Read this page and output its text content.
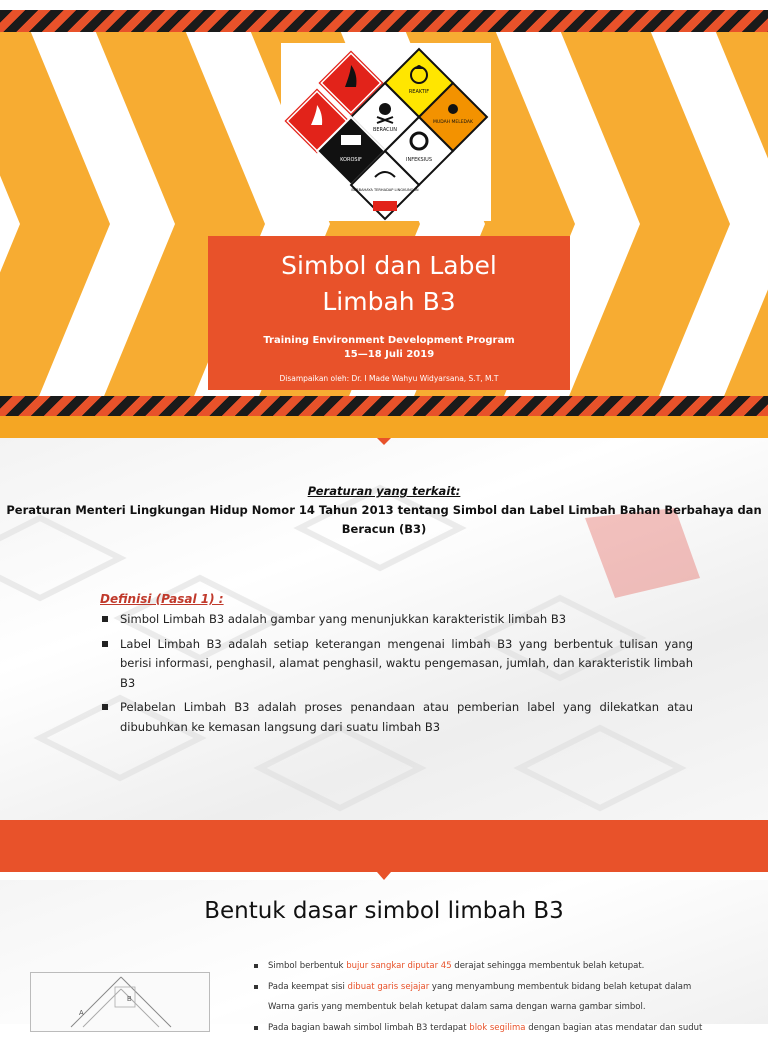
REAKTIF
BERACUN
MUDAH MELEDAK
KOROSIF	INFEKSIUS
BERBAHAYA TERHADAP LINGKUNGAN
Simbol dan Label
Limbah B3
Training Environment Development Program
15—18 Juli 2019
Disampaikan oleh: Dr. I Made Wahyu Widyarsana, S.T, M.T
Peraturan yang terkait:
Peraturan Menteri Lingkungan Hidup Nomor 14 Tahun 2013 tentang Simbol dan Label Limbah Bahan Berbahaya dan Beracun (B3)
Definisi (Pasal 1) :
Simbol Limbah B3 adalah gambar yang menunjukkan karakteristik limbah B3
Label Limbah B3 adalah setiap keterangan mengenai limbah B3 yang berbentuk tulisan yang berisi informasi, penghasil, alamat penghasil, waktu pengemasan, jumlah, dan karakteristik limbah B3
Pelabelan Limbah B3 adalah proses penandaan atau pemberian label yang dilekatkan atau dibubuhkan ke kemasan langsung dari suatu limbah B3
Bentuk dasar simbol limbah B3
A
B
Simbol berbentuk bujur sangkar diputar 45 derajat sehingga membentuk belah ketupat.
Pada keempat sisi dibuat garis sejajar yang menyambung membentuk bidang belah ketupat dalam
Warna garis yang membentuk belah ketupat dalam sama dengan warna gambar simbol.
Pada bagian bawah simbol limbah B3 terdapat blok segilima dengan bagian atas mendatar dan sudut
